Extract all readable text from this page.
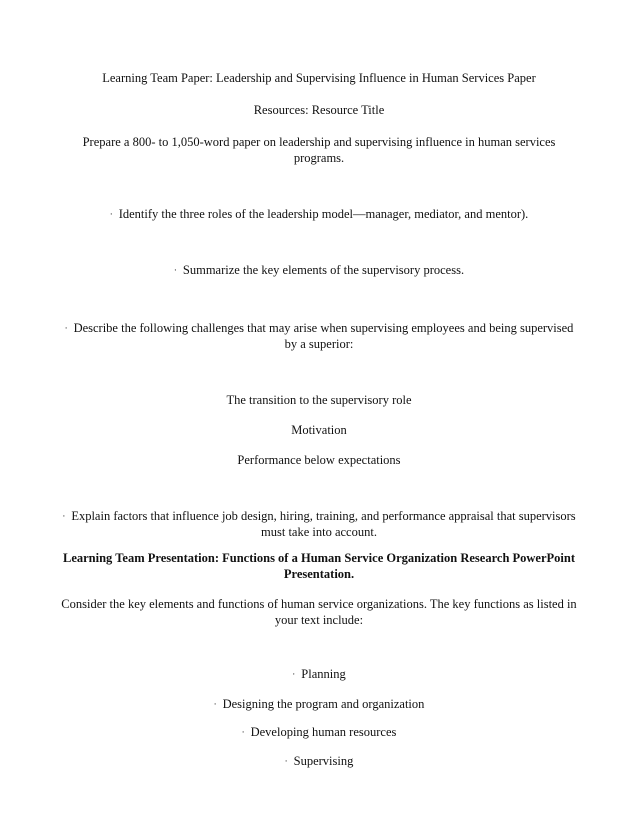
Learning Team Paper: Leadership and Supervising Influence in Human Services Paper
Resources: Resource Title
Prepare a 800- to 1,050-word paper on leadership and supervising influence in human services
programs.
· Identify the three roles of the leadership model—manager, mediator, and mentor).
· Summarize the key elements of the supervisory process.
· Describe the following challenges that may arise when supervising employees and being supervised
by a superior:
The transition to the supervisory role
Motivation
Performance below expectations
· Explain factors that influence job design, hiring, training, and performance appraisal that supervisors
must take into account.
Learning Team Presentation: Functions of a Human Service Organization Research PowerPoint
Presentation.
Consider the key elements and functions of human service organizations. The key functions as listed in
your text include:
· Planning
· Designing the program and organization
· Developing human resources
· Supervising
